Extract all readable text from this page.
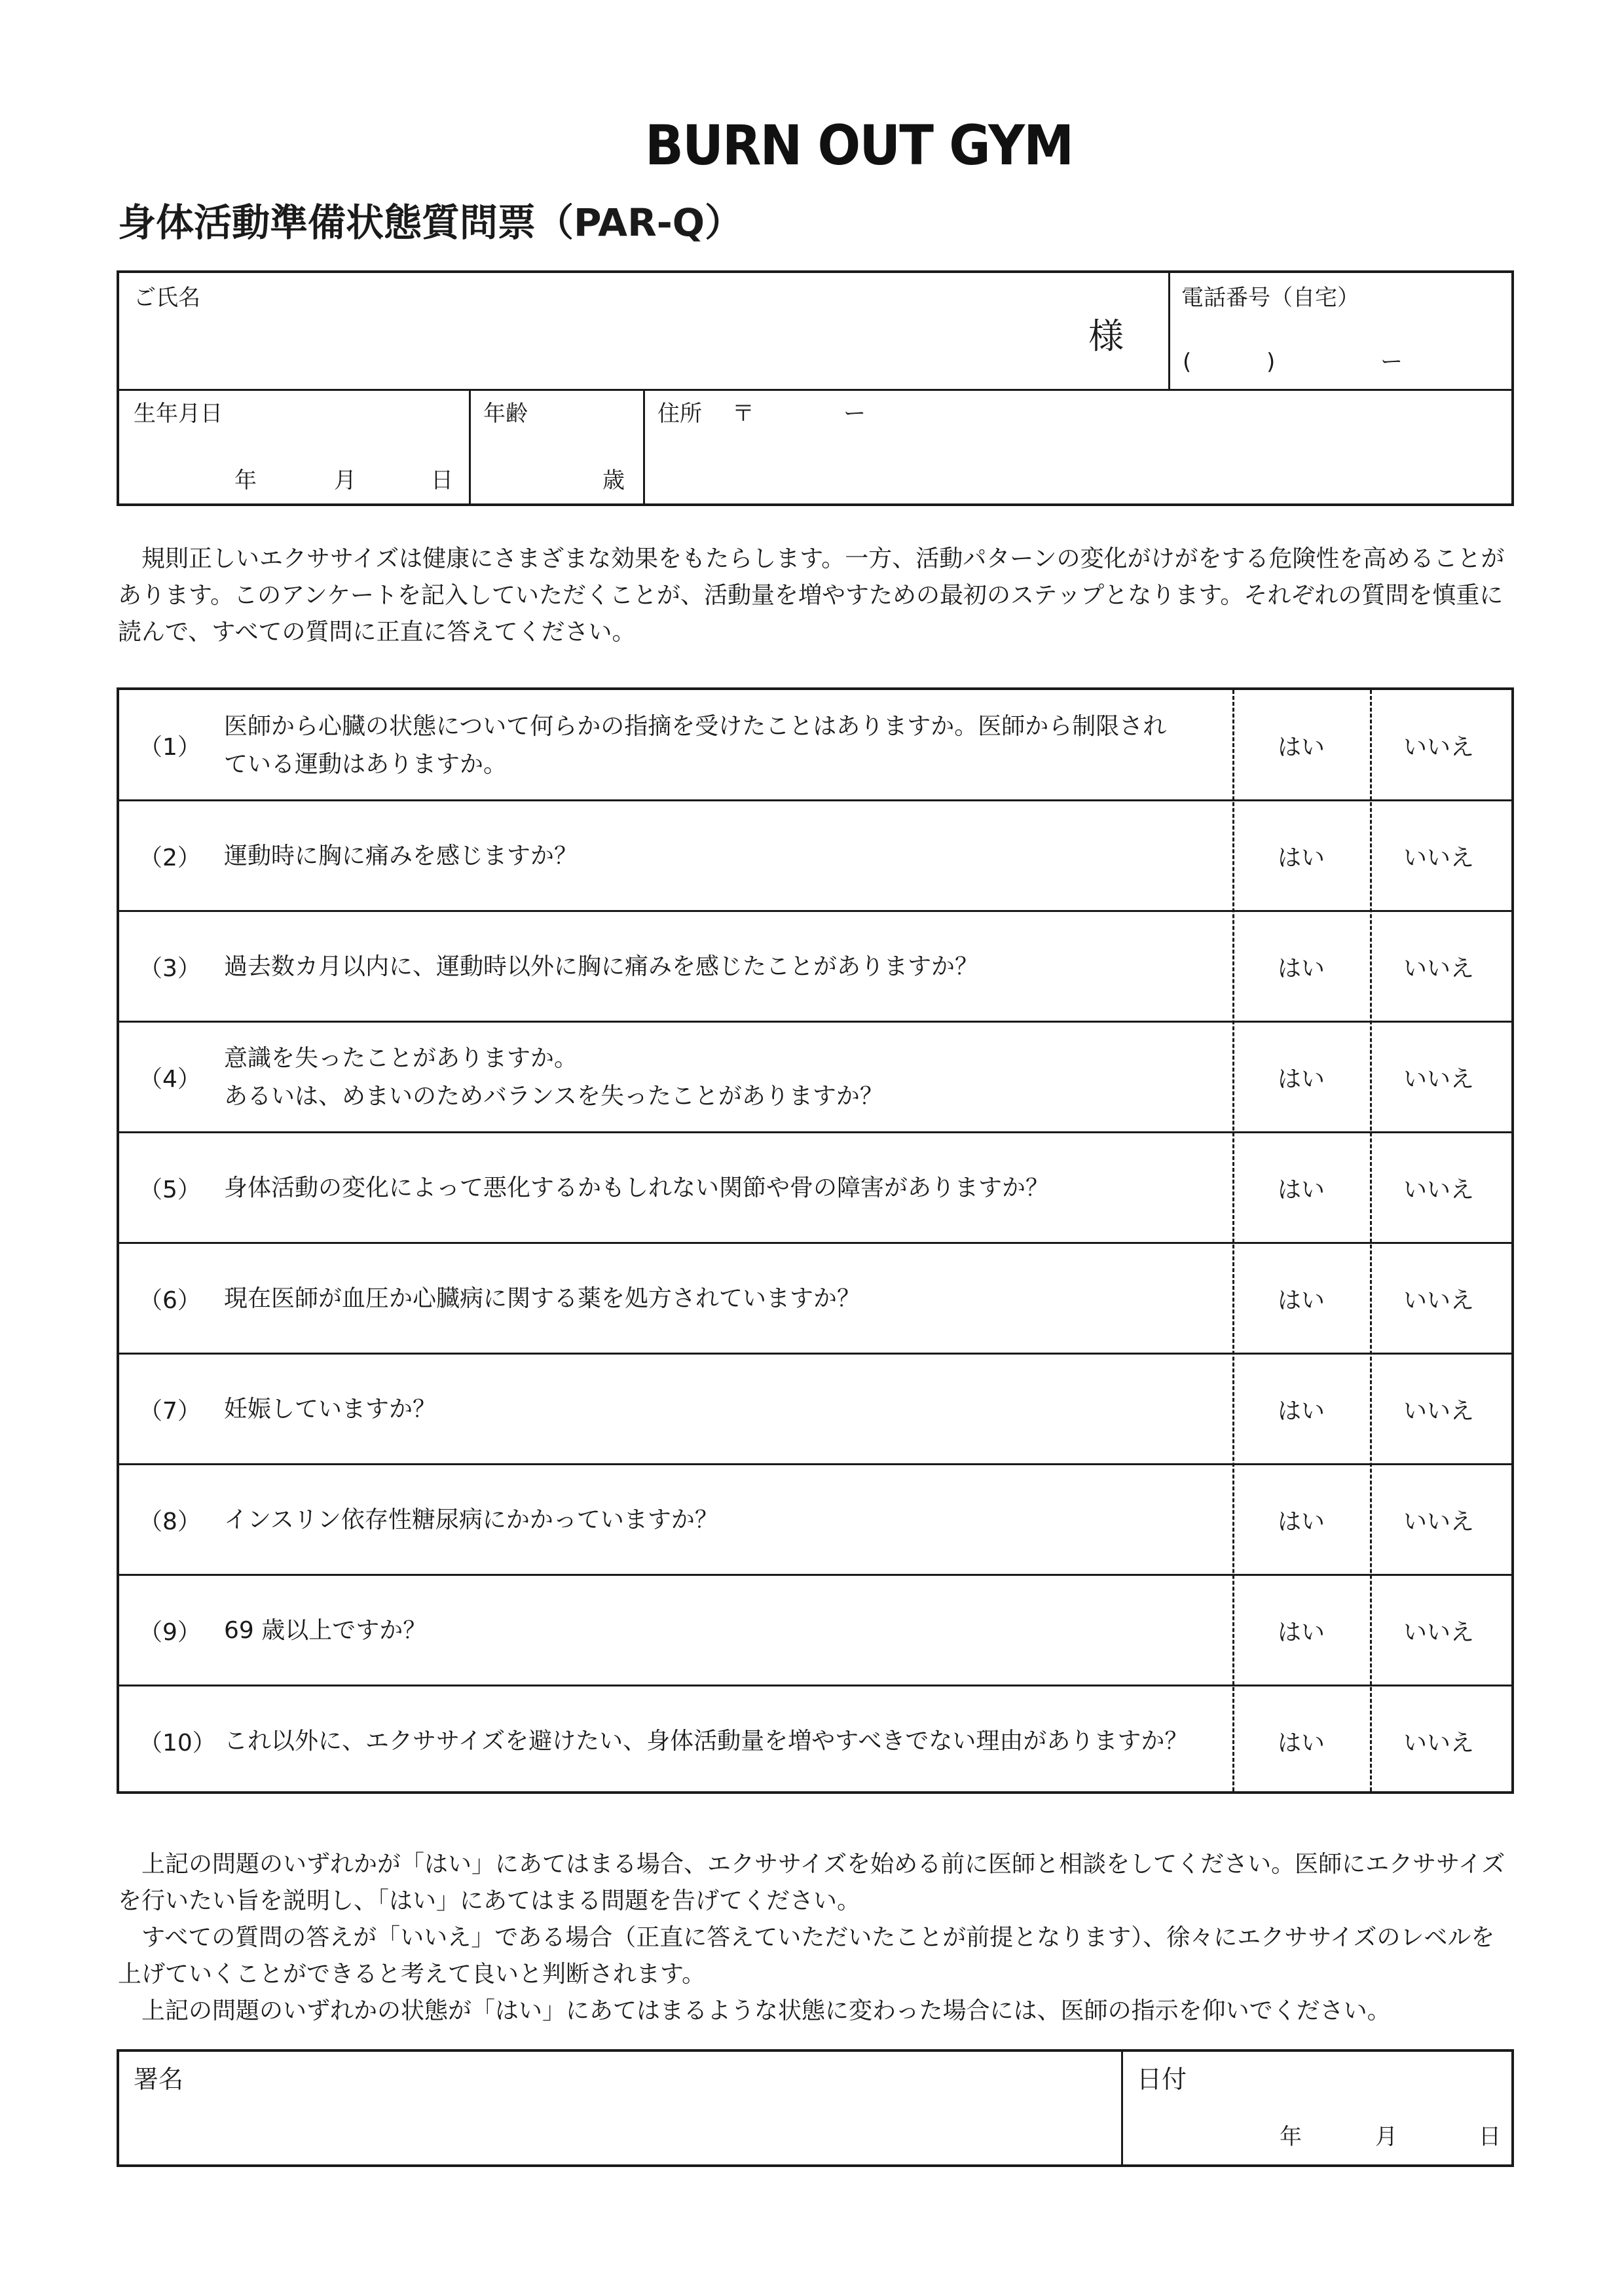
BURN OUT GYM
身体活動準備状態質問票（PAR-Q）
ご氏名
様
電話番号（自宅）
(	)	ー
生年月日
年	月	日
年齢
歳
住所 〒	ー

規則正しいエクササイズは健康にさまざまな効果をもたらします。一方、活動パターンの変化がけがをする危険性を高めることがあります。このアンケートを記入していただくことが、活動量を増やすための最初のステップとなります。それぞれの質問を慎重に読んで、すべての質問に正直に答えてください。

（1）
医師から心臓の状態について何らかの指摘を受けたことはありますか。医師から制限され
ている運動はありますか。
はい	いいえ
（2） 運動時に胸に痛みを感じますか？	はい	いいえ
（3） 過去数カ月以内に、運動時以外に胸に痛みを感じたことがありますか？	はい	いいえ
（4）
意識を失ったことがありますか。
あるいは、めまいのためバランスを失ったことがありますか？
はい	いいえ
（5） 身体活動の変化によって悪化するかもしれない関節や骨の障害がありますか？	はい	いいえ
（6） 現在医師が血圧か心臓病に関する薬を処方されていますか？	はい	いいえ
（7） 妊娠していますか？	はい	いいえ
（8） インスリン依存性糖尿病にかかっていますか？	はい	いいえ
（9） 69 歳以上ですか？	はい	いいえ
（10） これ以外に、エクササイズを避けたい、身体活動量を増やすべきでない理由がありますか？	はい	いいえ

上記の問題のいずれかが「はい」にあてはまる場合、エクササイズを始める前に医師と相談をしてください。医師にエクササイズを行いたい旨を説明し、「はい」にあてはまる問題を告げてください。

すべての質問の答えが「いいえ」である場合（正直に答えていただいたことが前提となります）、徐々にエクササイズのレベルを上げていくことができると考えて良いと判断されます。

上記の問題のいずれかの状態が「はい」にあてはまるような状態に変わった場合には、医師の指示を仰いでください。

署名	日付
年	月	日
